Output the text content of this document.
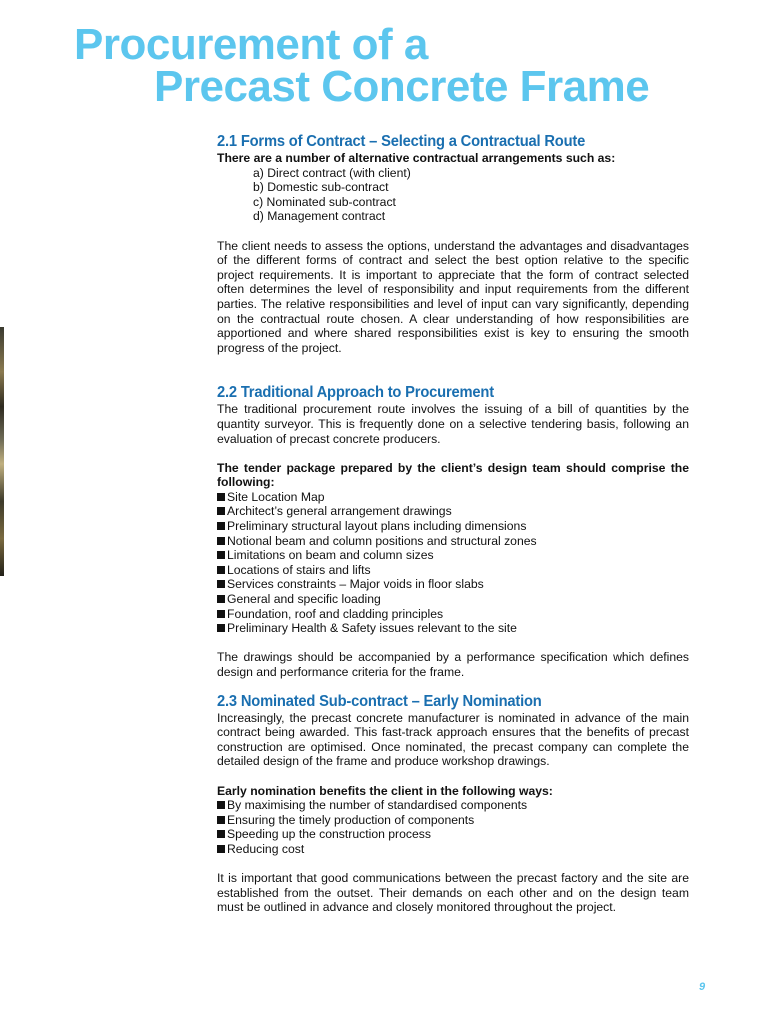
Procurement of a
Precast Concrete Frame
2.1 Forms of Contract – Selecting a Contractual Route

There are a number of alternative contractual arrangements such as:

a) Direct contract (with client)
b) Domestic sub-contract
c) Nominated sub-contract
d) Management contract

The client needs to assess the options, understand the advantages and disadvantages of the different forms of contract and select the best option relative to the specific project requirements. It is important to appreciate that the form of contract selected often determines the level of responsibility and input requirements from the different parties. The relative responsibilities and level of input can vary significantly, depending on the contractual route chosen. A clear understanding of how responsibilities are apportioned and where shared responsibilities exist is key to ensuring the smooth progress of the project.

2.2 Traditional Approach to Procurement

The traditional procurement route involves the issuing of a bill of quantities by the quantity surveyor. This is frequently done on a selective tendering basis, following an evaluation of precast concrete producers.

The tender package prepared by the client’s design team should comprise the following:

Site Location Map
Architect’s general arrangement drawings
Preliminary structural layout plans including dimensions
Notional beam and column positions and structural zones
Limitations on beam and column sizes
Locations of stairs and lifts
Services constraints – Major voids in floor slabs
General and specific loading
Foundation, roof and cladding principles
Preliminary Health & Safety issues relevant to the site

The drawings should be accompanied by a performance specification which defines design and performance criteria for the frame.

2.3 Nominated Sub-contract – Early Nomination

Increasingly, the precast concrete manufacturer is nominated in advance of the main contract being awarded. This fast-track approach ensures that the benefits of precast construction are optimised. Once nominated, the precast company can complete the detailed design of the frame and produce workshop drawings.

Early nomination benefits the client in the following ways:

By maximising the number of standardised components
Ensuring the timely production of components
Speeding up the construction process
Reducing cost

It is important that good communications between the precast factory and the site are established from the outset. Their demands on each other and on the design team must be outlined in advance and closely monitored throughout the project.

9
